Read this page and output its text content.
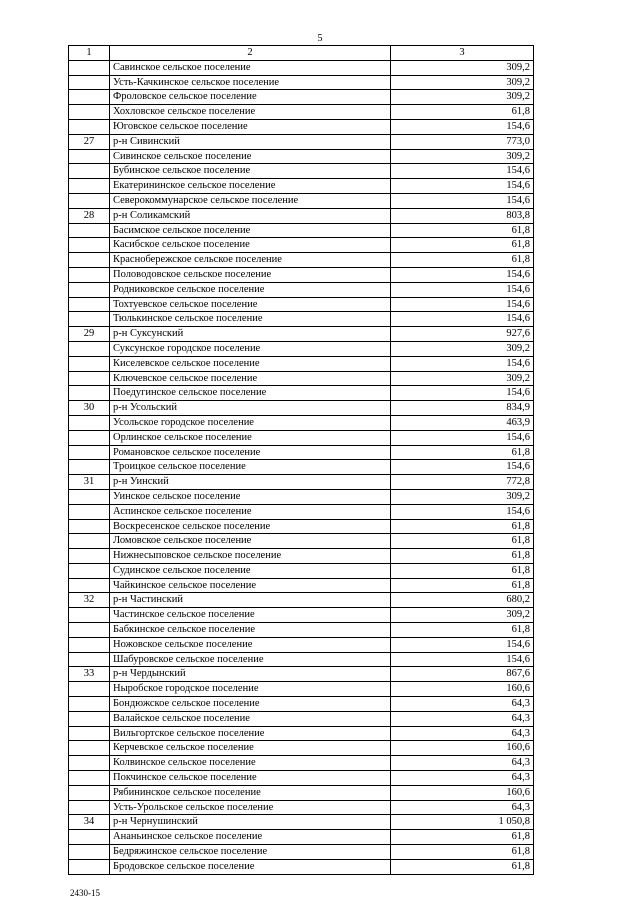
5
1	2	3
	Савинское сельское поселение	309,2
	Усть-Качкинское сельское поселение	309,2
	Фроловское сельское поселение	309,2
	Хохловское сельское поселение	61,8
	Юговское сельское поселение	154,6
27	р-н Сивинский	773,0
	Сивинское сельское поселение	309,2
	Бубинское сельское поселение	154,6
	Екатерининское сельское поселение	154,6
	Северокоммунарское сельское поселение	154,6
28	р-н Соликамский	803,8
	Басимское сельское поселение	61,8
	Касибское сельское поселение	61,8
	Краснобережское сельское поселение	61,8
	Половодовское сельское поселение	154,6
	Родниковское сельское поселение	154,6
	Тохтуевское сельское поселение	154,6
	Тюлькинское сельское поселение	154,6
29	р-н Суксунский	927,6
	Суксунское городское поселение	309,2
	Киселевское сельское поселение	154,6
	Ключевское сельское поселение	309,2
	Поедугинское сельское поселение	154,6
30	р-н Усольский	834,9
	Усольское городское поселение	463,9
	Орлинское сельское поселение	154,6
	Романовское сельское поселение	61,8
	Троицкое сельское поселение	154,6
31	р-н Уинский	772,8
	Уинское сельское поселение	309,2
	Аспинское сельское поселение	154,6
	Воскресенское сельское поселение	61,8
	Ломовское сельское поселение	61,8
	Нижнесыповское сельское поселение	61,8
	Судинское сельское поселение	61,8
	Чайкинское сельское поселение	61,8
32	р-н Частинский	680,2
	Частинское сельское поселение	309,2
	Бабкинское сельское поселение	61,8
	Ножовское сельское поселение	154,6
	Шабуровское сельское поселение	154,6
33	р-н Чердынский	867,6
	Ныробское городское поселение	160,6
	Бондюжское сельское поселение	64,3
	Валайское сельское поселение	64,3
	Вильгортское сельское поселение	64,3
	Керчевское сельское поселение	160,6
	Колвинское сельское поселение	64,3
	Покчинское сельское поселение	64,3
	Рябининское сельское поселение	160,6
	Усть-Урольское сельское поселение	64,3
34	р-н Чернушинский	1 050,8
	Ананьинское сельское поселение	61,8
	Бедряжинское сельское поселение	61,8
	Бродовское сельское поселение	61,8
2430-15
